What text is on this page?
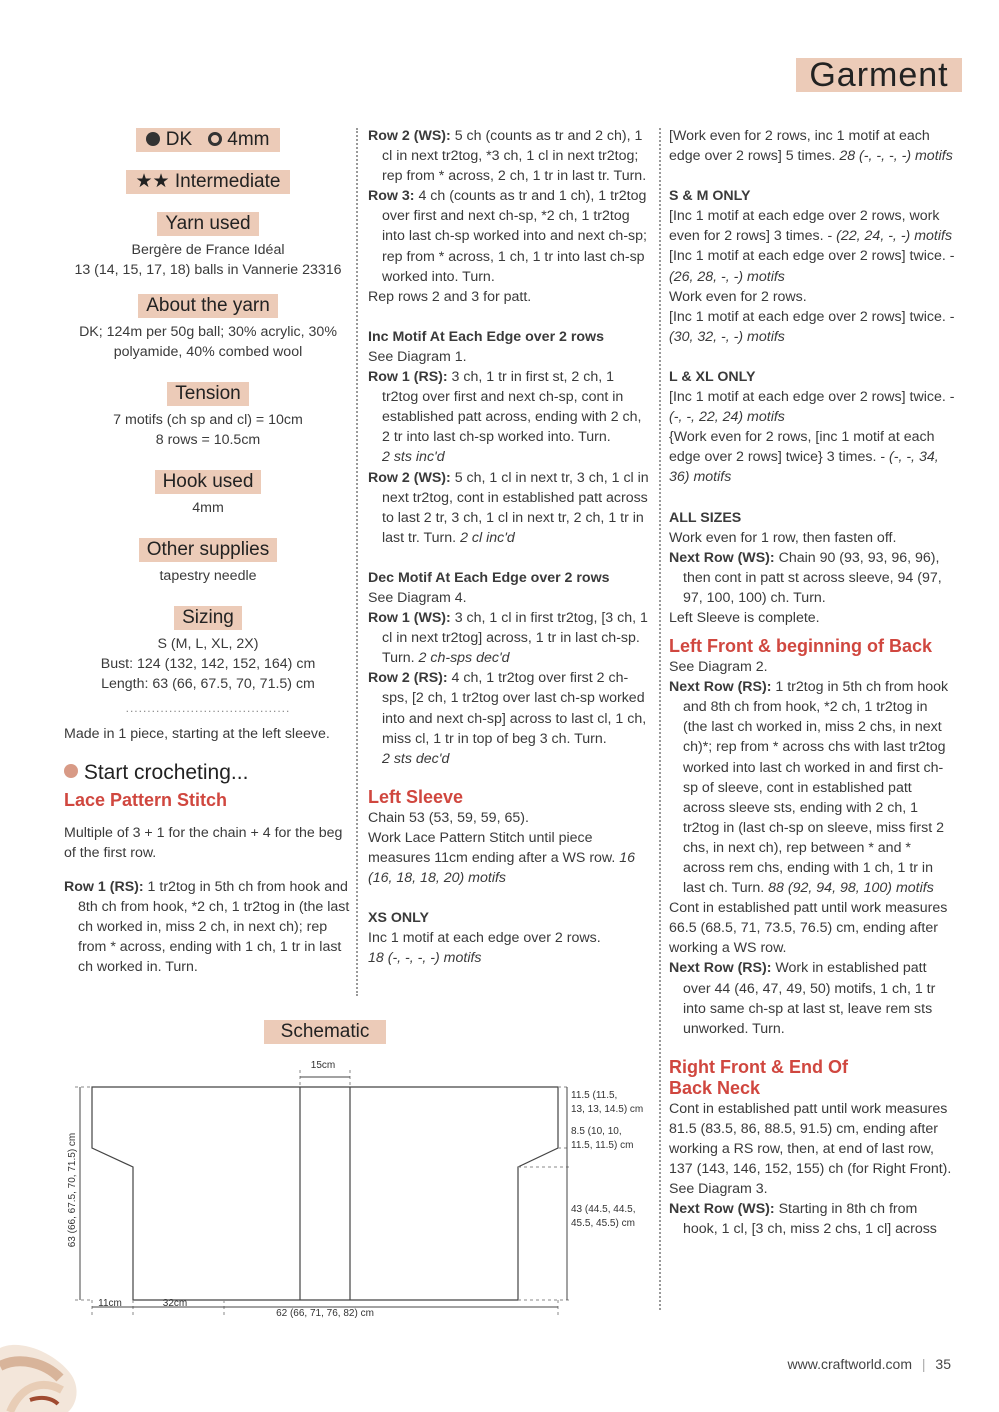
Garment
DK 4mm
★★ Intermediate
Yarn used

Bergère de France Idéal

13 (14, 15, 17, 18) balls in Vannerie 23316

About the yarn

DK; 124m per 50g ball; 30% acrylic, 30%

polyamide, 40% combed wool

Tension

7 motifs (ch sp and cl) = 10cm

8 rows = 10.5cm

Hook used

4mm

Other supplies

tapestry needle

Sizing

S (M, L, XL, 2X)

Bust: 124 (132, 142, 152, 164) cm

Length: 63 (66, 67.5, 70, 71.5) cm

......................................

Made in 1 piece, starting at the left sleeve.

Start crocheting...
Lace Pattern Stitch

Multiple of 3 + 1 for the chain + 4 for the beg of the first row.

Row 1 (RS): 1 tr2tog in 5th ch from hook and 8th ch from hook, *2 ch, 1 tr2tog in (the last ch worked in, miss 2 ch, in next ch); rep from * across, ending with 1 ch, 1 tr in last ch worked in. Turn.

Schematic
15cm
11.5 (11.5,
13, 13, 14.5) cm
8.5 (10, 10,
11.5, 11.5) cm
43 (44.5, 44.5,
45.5, 45.5) cm
63 (66, 67.5, 70, 71.5) cm
11cm	32cm
62 (66, 71, 76, 82) cm

Row 2 (WS): 5 ch (counts as tr and 2 ch), 1 cl in next tr2tog, *3 ch, 1 cl in next tr2tog; rep from * across, 2 ch, 1 tr in last tr. Turn.

Row 3: 4 ch (counts as tr and 1 ch), 1 tr2tog over first and next ch-sp, *2 ch, 1 tr2tog into last ch-sp worked into and next ch-sp; rep from * across, 1 ch, 1 tr into last ch-sp worked into. Turn.

Rep rows 2 and 3 for patt.

Inc Motif At Each Edge over 2 rows

See Diagram 1.

Row 1 (RS): 3 ch, 1 tr in first st, 2 ch, 1 tr2tog over first and next ch-sp, cont in established patt across, ending with 2 ch, 2 tr into last ch-sp worked into. Turn.

2 sts inc'd

Row 2 (WS): 5 ch, 1 cl in next tr, 3 ch, 1 cl in next tr2tog, cont in established patt across to last 2 tr, 3 ch, 1 cl in next tr, 2 ch, 1 tr in last tr. Turn. 2 cl inc'd

Dec Motif At Each Edge over 2 rows

See Diagram 4.

Row 1 (WS): 3 ch, 1 cl in first tr2tog, [3 ch, 1 cl in next tr2tog] across, 1 tr in last ch-sp. Turn. 2 ch-sps dec'd

Row 2 (RS): 4 ch, 1 tr2tog over first 2 ch-sps, [2 ch, 1 tr2tog over last ch-sp worked into and next ch-sp] across to last cl, 1 ch, miss cl, 1 tr in top of beg 3 ch. Turn.

2 sts dec'd

Left Sleeve

Chain 53 (53, 59, 59, 65).

Work Lace Pattern Stitch until piece measures 11cm ending after a WS row. 16 (16, 18, 18, 20) motifs

XS ONLY

Inc 1 motif at each edge over 2 rows.

18 (-, -, -, -) motifs

[Work even for 2 rows, inc 1 motif at each edge over 2 rows] 5 times. 28 (-, -, -, -) motifs

S & M ONLY

[Inc 1 motif at each edge over 2 rows, work even for 2 rows] 3 times. - (22, 24, -, -) motifs

[Inc 1 motif at each edge over 2 rows] twice. - (26, 28, -, -) motifs

Work even for 2 rows.

[Inc 1 motif at each edge over 2 rows] twice. - (30, 32, -, -) motifs

L & XL ONLY

[Inc 1 motif at each edge over 2 rows] twice. - (-, -, 22, 24) motifs

{Work even for 2 rows, [inc 1 motif at each edge over 2 rows] twice} 3 times. - (-, -, 34, 36) motifs

ALL SIZES

Work even for 1 row, then fasten off.

Next Row (WS): Chain 90 (93, 93, 96, 96), then cont in patt st across sleeve, 94 (97, 97, 100, 100) ch. Turn.

Left Sleeve is complete.

Left Front & beginning of Back

See Diagram 2.

Next Row (RS): 1 tr2tog in 5th ch from hook and 8th ch from hook, *2 ch, 1 tr2tog in (the last ch worked in, miss 2 chs, in next ch)*; rep from * across chs with last tr2tog worked into last ch worked in and first ch-sp of sleeve, cont in established patt across sleeve sts, ending with 2 ch, 1 tr2tog in (last ch-sp on sleeve, miss first 2 chs, in next ch), rep between * and * across rem chs, ending with 1 ch, 1 tr in last ch. Turn. 88 (92, 94, 98, 100) motifs

Cont in established patt until work measures 66.5 (68.5, 71, 73.5, 76.5) cm, ending after working a WS row.

Next Row (RS): Work in established patt over 44 (46, 47, 49, 50) motifs, 1 ch, 1 tr into same ch-sp at last st, leave rem sts unworked. Turn.

Right Front & End Of
Back Neck

Cont in established patt until work measures 81.5 (83.5, 86, 88.5, 91.5) cm, ending after working a RS row, then, at end of last row, 137 (143, 146, 152, 155) ch (for Right Front).

See Diagram 3.

Next Row (WS): Starting in 8th ch from hook, 1 cl, [3 ch, miss 2 chs, 1 cl] across

www.craftworld.com | 35
